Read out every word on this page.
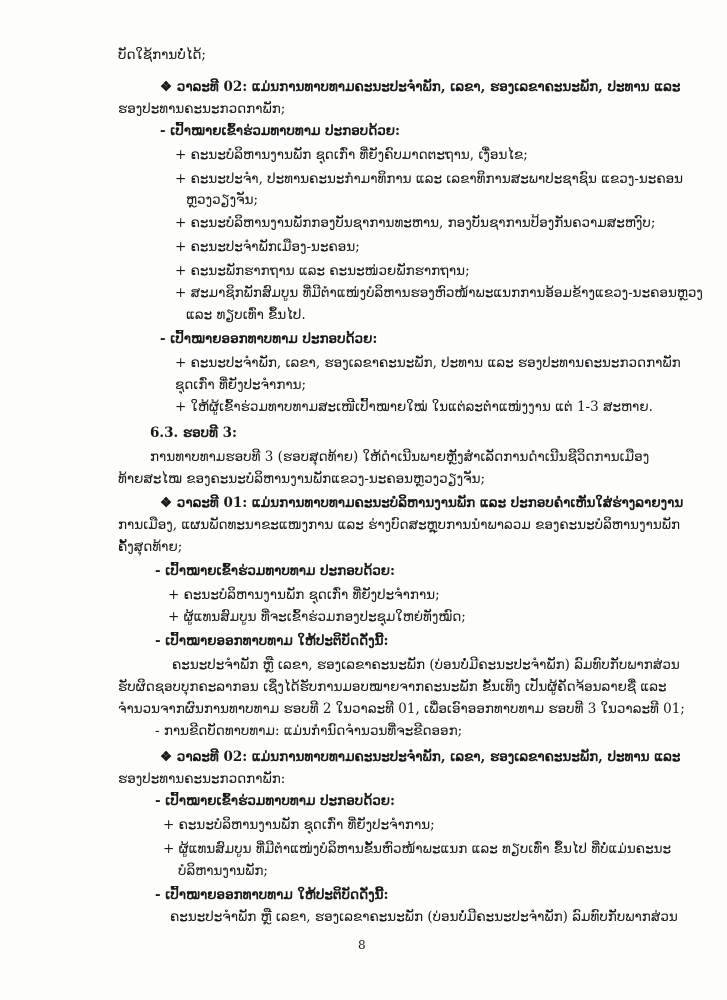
ບັດໃຊ້ການບໍ່ໄດ້;
❖ ວາລະທີ 02: ແມ່ນການທາບທາມຄະນະປະຈຳພັກ, ເລຂາ, ຮອງເລຂາຄະນະພັກ, ປະທານ ແລະ
ຮອງປະທານຄະນະກວດກາພັກ;
- ເປົ້າໝາຍເຂົ້າຮ່ວມທາບທາມ ປະກອບດ້ວຍ:
+ ຄະນະບໍລິຫານງານພັກ ຊຸດເກົ່າ ທີ່ຍັງຄົບມາດຕະຖານ, ເງື່ອນໄຂ;
+ ຄະນະປະຈຳ, ປະທານຄະນະກຳມາທິການ ແລະ ເລຂາທິການສະພາປະຊາຊົນ ແຂວງ-ນະຄອນ
ຫຼວງວຽງຈັນ;
+ ຄະນະບໍລິຫານງານພັກກອງບັນຊາການທະຫານ, ກອງບັນຊາການປ້ອງກັນຄວາມສະຫງົບ;
+ ຄະນະປະຈຳພັກເມືອງ-ນະຄອນ;
+ ຄະນະພັກຮາກຖານ ແລະ ຄະນະໜ່ວຍພັກຮາກຖານ;
+ ສະມາຊິກພັກສົມບູນ ທີ່ມີຕຳແໜ່ງບໍລິຫານຮອງຫົວໜ້າພະແນກການອ້ອມຂ້າງແຂວງ-ນະຄອນຫຼວງ
ແລະ ທຽບເທົ່າ ຂຶ້ນໄປ.
- ເປົ້າໝາຍອອກທາບທາມ ປະກອບດ້ວຍ:
+ ຄະນະປະຈຳພັກ, ເລຂາ, ຮອງເລຂາຄະນະພັກ, ປະທານ ແລະ ຮອງປະທານຄະນະກວດກາພັກ
ຊຸດເກົ່າ ທີ່ຍັງປະຈຳການ;
+ ໃຫ້ຜູ້ເຂົ້າຮ່ວມທາບທາມສະເໜີເປົ້າໝາຍໃໝ່ ໃນແຕ່ລະຕຳແໜ່ງງານ ແຕ່ 1-3 ສະຫາຍ.
6.3. ຮອບທີ 3:
ການທາບທາມຮອບທີ 3 (ຮອບສຸດທ້າຍ) ໃຫ້ດຳເນີນພາຍຫຼັງສຳເລັດການດຳເນີນຊີວິດການເມືອງ
ທ້າຍສະໄໝ ຂອງຄະນະບໍລິຫານງານພັກແຂວງ-ນະຄອນຫຼວງວຽງຈັນ;
❖ ວາລະທີ 01: ແມ່ນການທາບທາມຄະນະບໍລິຫານງານພັກ ແລະ ປະກອບຄຳເຫັນໃສ່ຮ່າງລາຍງານ
ການເມືອງ, ແຜນພັດທະນາຂະແໜງການ ແລະ ຮ່າງບົດສະຫຼຸບການນຳພາລວມ ຂອງຄະນະບໍລິຫານງານພັກ
ຄັ້ງສຸດທ້າຍ;
- ເປົ້າໝາຍເຂົ້າຮ່ວມທາບທາມ ປະກອບດ້ວຍ:
+ ຄະນະບໍລິຫານງານພັກ ຊຸດເກົ່າ ທີ່ຍັງປະຈຳການ;
+ ຜູ້ແທນສົມບູນ ທີ່ຈະເຂົ້າຮ່ວມກອງປະຊຸມໃຫຍ່ທັງໝົດ;
- ເປົ້າໝາຍອອກທາບທາມ ໃຫ້ປະຕິບັດດັ່ງນີ້:
ຄະນະປະຈຳພັກ ຫຼື ເລຂາ, ຮອງເລຂາຄະນະພັກ (ບ່ອນບໍ່ມີຄະນະປະຈຳພັກ) ລົມທົບກັບພາກສ່ວນ
ຮັບຜິດຊອບບຸກຄະລາກອນ ເຊິ່ງໄດ້ຮັບການມອບໝາຍຈາກຄະນະພັກ ຂັ້ນເທິງ ເປັນຜູ້ຄັດຈ້ອນລາຍຊື່ ແລະ
ຈຳນວນຈາກຜົນການທາບທາມ ຮອບທີ 2 ໃນວາລະທີ 01, ເພື່ອເອົາອອກທາບທາມ ຮອບທີ 3 ໃນວາລະທີ 01;
- ການຂີດບັດທາບທາມ: ແມ່ນກຳນົດຈຳນວນທີ່ຈະຂີດອອກ;
❖ ວາລະທີ 02: ແມ່ນການທາບທາມຄະນະປະຈຳພັກ, ເລຂາ, ຮອງເລຂາຄະນະພັກ, ປະທານ ແລະ
ຮອງປະທານຄະນະກວດກາພັກ:
- ເປົ້າໝາຍເຂົ້າຮ່ວມທາບທາມ ປະກອບດ້ວຍ:
+ ຄະນະບໍລິຫານງານພັກ ຊຸດເກົ່າ ທີ່ຍັງປະຈຳການ;
+ ຜູ້ແທນສົມບູນ ທີ່ມີຕຳແໜ່ງບໍລິຫານຂັ້ນຫົວໜ້າພະແນກ ແລະ ທຽບເທົ່າ ຂຶ້ນໄປ ທີ່ບໍ່ແມ່ນຄະນະ
ບໍລິຫານງານພັກ;
- ເປົ້າໝາຍອອກທາບທາມ ໃຫ້ປະຕິບັດດັ່ງນີ້:
ຄະນະປະຈຳພັກ ຫຼື ເລຂາ, ຮອງເລຂາຄະນະພັກ (ບ່ອນບໍ່ມີຄະນະປະຈຳພັກ) ລົມທົບກັບພາກສ່ວນ
8
